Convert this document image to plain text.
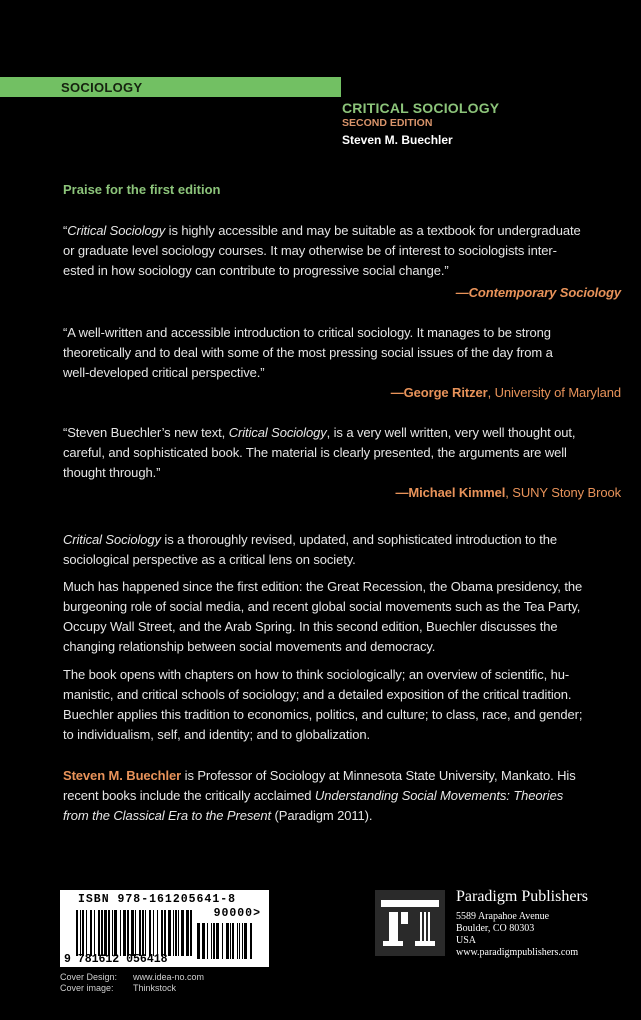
SOCIOLOGY
CRITICAL SOCIOLOGY
SECOND EDITION
Steven M. Buechler
Praise for the first edition
“Critical Sociology is highly accessible and may be suitable as a textbook for undergraduate
or graduate level sociology courses. It may otherwise be of interest to sociologists inter-
ested in how sociology can contribute to progressive social change.”
—Contemporary Sociology
“A well-written and accessible introduction to critical sociology. It manages to be strong
theoretically and to deal with some of the most pressing social issues of the day from a
well-developed critical perspective.”
—George Ritzer, University of Maryland
“Steven Buechler’s new text, Critical Sociology, is a very well written, very well thought out,
careful, and sophisticated book. The material is clearly presented, the arguments are well
thought through.”
—Michael Kimmel, SUNY Stony Brook
Critical Sociology is a thoroughly revised, updated, and sophisticated introduction to the
sociological perspective as a critical lens on society.
Much has happened since the first edition: the Great Recession, the Obama presidency, the
burgeoning role of social media, and recent global social movements such as the Tea Party,
Occupy Wall Street, and the Arab Spring. In this second edition, Buechler discusses the
changing relationship between social movements and democracy.
The book opens with chapters on how to think sociologically; an overview of scientific, hu-
manistic, and critical schools of sociology; and a detailed exposition of the critical tradition.
Buechler applies this tradition to economics, politics, and culture; to class, race, and gender;
to individualism, self, and identity; and to globalization.
Steven M. Buechler is Professor of Sociology at Minnesota State University, Mankato. His
recent books include the critically acclaimed Understanding Social Movements: Theories
from the Classical Era to the Present (Paradigm 2011).
ISBN 978-161205641-8
90000>
9 781612 056418
Cover Design: www.idea-no.com
Cover image: Thinkstock
Paradigm Publishers
5589 Arapahoe Avenue
Boulder, CO 80303
USA
www.paradigmpublishers.com
